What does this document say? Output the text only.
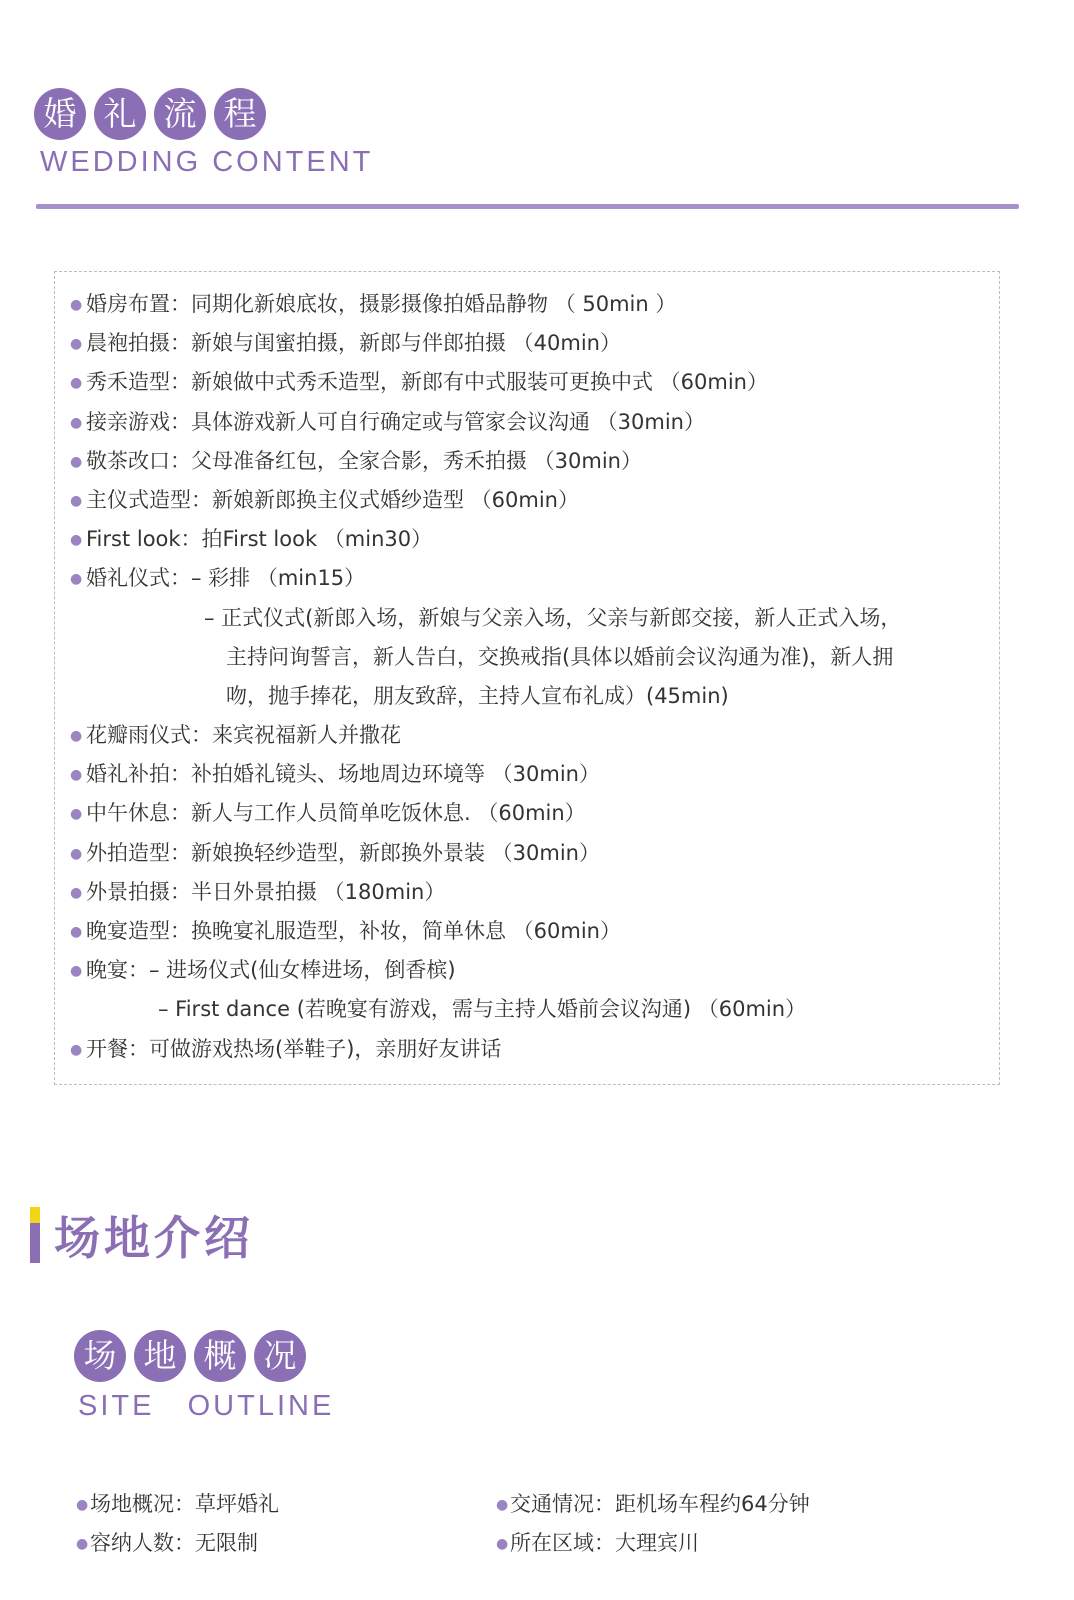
婚 礼 流 程
WEDDING CONTENT
● 婚房布置：同期化新娘底妆，摄影摄像拍婚品静物 （ 50min ）
● 晨袍拍摄：新娘与闺蜜拍摄，新郎与伴郎拍摄 （40min）
● 秀禾造型：新娘做中式秀禾造型，新郎有中式服装可更换中式 （60min）
● 接亲游戏：具体游戏新人可自行确定或与管家会议沟通 （30min）
● 敬茶改口：父母准备红包，全家合影，秀禾拍摄 （30min）
● 主仪式造型：新娘新郎换主仪式婚纱造型 （60min）
● First look：拍First look （min30）
● 婚礼仪式：– 彩排 （min15）
– 正式仪式(新郎入场，新娘与父亲入场，父亲与新郎交接，新人正式入场，
主持问询誓言，新人告白，交换戒指(具体以婚前会议沟通为准)，新人拥
吻，抛手捧花，朋友致辞，主持人宣布礼成）(45min)
● 花瓣雨仪式：来宾祝福新人并撒花
● 婚礼补拍：补拍婚礼镜头、场地周边环境等 （30min）
● 中午休息：新人与工作人员简单吃饭休息. （60min）
● 外拍造型：新娘换轻纱造型，新郎换外景装 （30min）
● 外景拍摄：半日外景拍摄 （180min）
● 晚宴造型：换晚宴礼服造型，补妆，简单休息 （60min）
● 晚宴：– 进场仪式(仙女棒进场，倒香槟)
– First dance (若晚宴有游戏，需与主持人婚前会议沟通) （60min）
● 开餐：可做游戏热场(举鞋子)，亲朋好友讲话
场地介绍
场 地 概 况
SITE   OUTLINE
●场地概况：草坪婚礼	●交通情况：距机场车程约64分钟
●容纳人数：无限制	●所在区域：大理宾川
